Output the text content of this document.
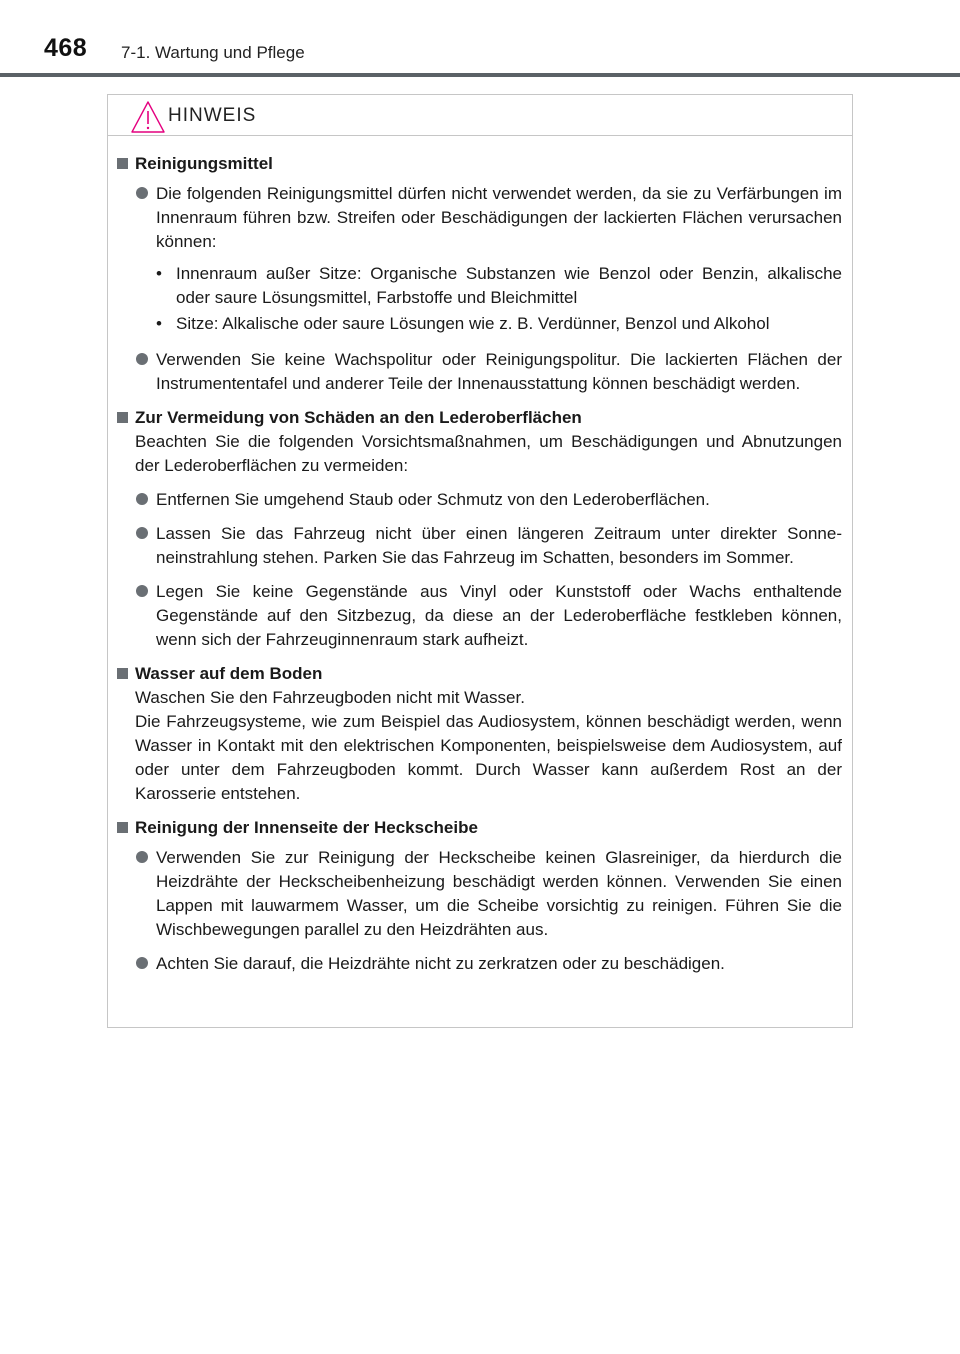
468 7-1. Wartung und Pflege
HINWEIS
Reinigungsmittel
Die folgenden Reinigungsmittel dürfen nicht verwendet werden, da sie zu Verfärbungen im Innenraum führen bzw. Streifen oder Beschädigungen der lackierten Flächen verursachen können:
• Innenraum außer Sitze: Organische Substanzen wie Benzol oder Benzin, alkalische oder saure Lösungsmittel, Farbstoffe und Bleichmittel
• Sitze: Alkalische oder saure Lösungen wie z. B. Verdünner, Benzol und Alkohol
Verwenden Sie keine Wachspolitur oder Reinigungspolitur. Die lackierten Flächen der Instrumententafel und anderer Teile der Innenausstattung können beschädigt werden.
Zur Vermeidung von Schäden an den Lederoberflächen
Beachten Sie die folgenden Vorsichtsmaßnahmen, um Beschädigungen und Abnutzungen der Lederoberflächen zu vermeiden:
Entfernen Sie umgehend Staub oder Schmutz von den Lederoberflächen.
Lassen Sie das Fahrzeug nicht über einen längeren Zeitraum unter direkter Sonneneinstrahlung stehen. Parken Sie das Fahrzeug im Schatten, besonders im Sommer.
Legen Sie keine Gegenstände aus Vinyl oder Kunststoff oder Wachs enthaltende Gegenstände auf den Sitzbezug, da diese an der Lederoberfläche festkleben können, wenn sich der Fahrzeuginnenraum stark aufheizt.
Wasser auf dem Boden
Waschen Sie den Fahrzeugboden nicht mit Wasser.
Die Fahrzeugsysteme, wie zum Beispiel das Audiosystem, können beschädigt werden, wenn Wasser in Kontakt mit den elektrischen Komponenten, beispielsweise dem Audiosystem, auf oder unter dem Fahrzeugboden kommt. Durch Wasser kann außerdem Rost an der Karosserie entstehen.
Reinigung der Innenseite der Heckscheibe
Verwenden Sie zur Reinigung der Heckscheibe keinen Glasreiniger, da hierdurch die Heizdrähte der Heckscheibenheizung beschädigt werden können. Verwenden Sie einen Lappen mit lauwarmem Wasser, um die Scheibe vorsichtig zu reinigen. Führen Sie die Wischbewegungen parallel zu den Heizdrähten aus.
Achten Sie darauf, die Heizdrähte nicht zu zerkratzen oder zu beschädigen.
